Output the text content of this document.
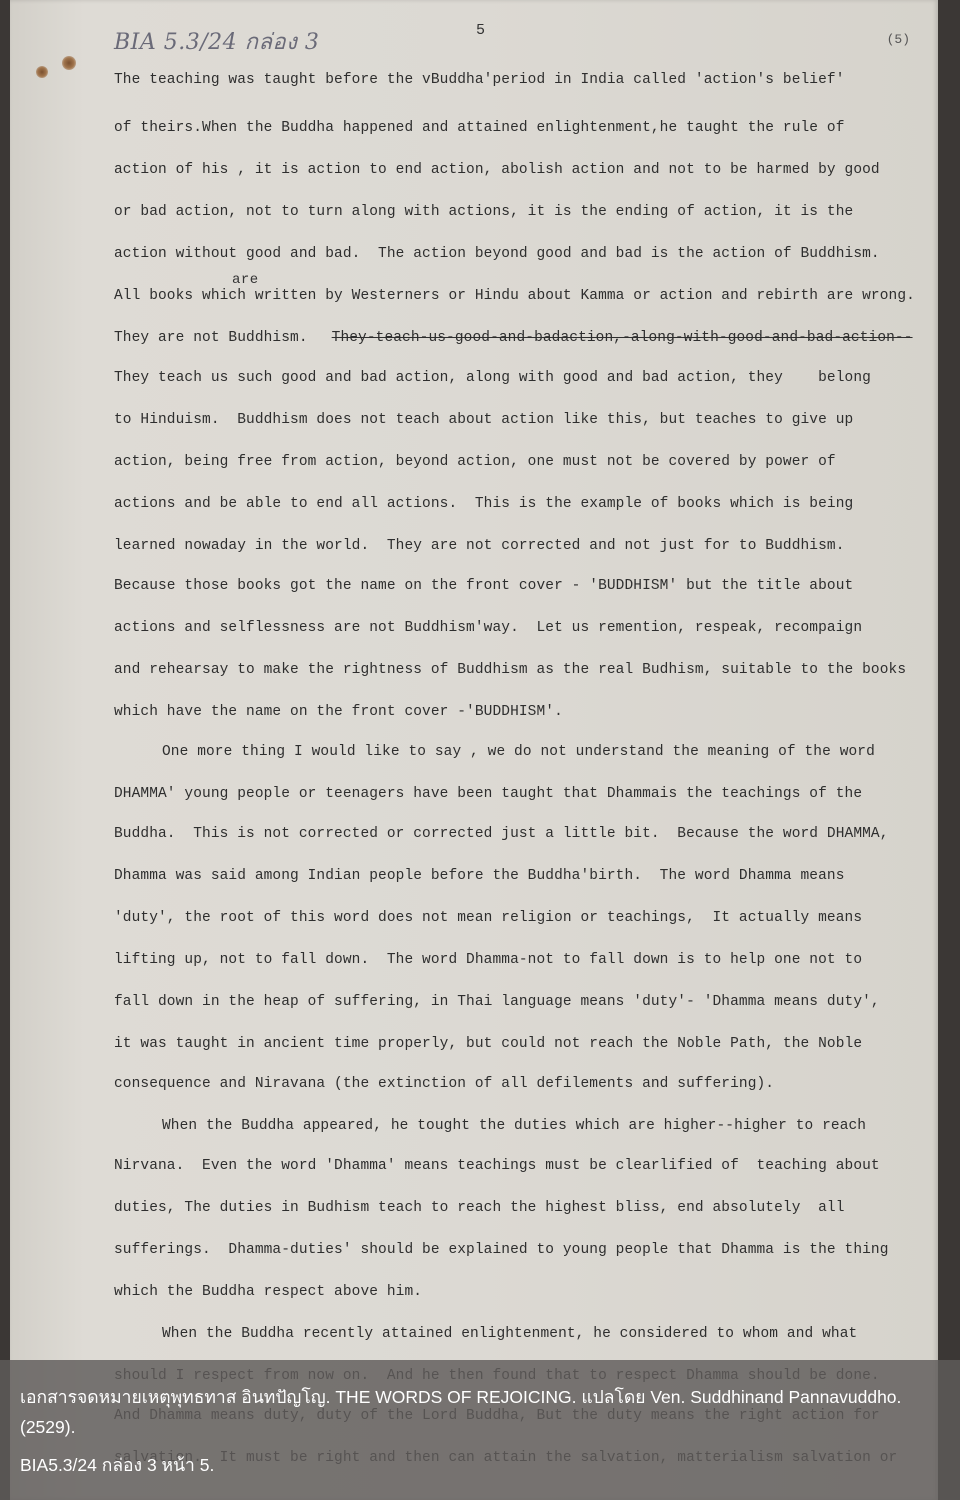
BIA 5.3/24 กล่อง 3	5
(5)
are
The teaching was taught before the vBuddha'period in India called 'action's belief'
of theirs.When the Buddha happened and attained enlightenment,he taught the rule of
action of his , it is action to end action, abolish action and not to be harmed by good
or bad action, not to turn along with actions, it is the ending of action, it is the
action without good and bad.  The action beyond good and bad is the action of Buddhism.
All books which written by Westerners or Hindu about Kamma or action and rebirth are wrong.
They are not Buddhism. They-teach-us-good-and-badaction,-along-with-good-and-bad-action--
They teach us such good and bad action, along with good and bad action, they    belong
to Hinduism.  Buddhism does not teach about action like this, but teaches to give up
action, being free from action, beyond action, one must not be covered by power of
actions and be able to end all actions.  This is the example of books which is being
learned nowaday in the world.  They are not corrected and not just for to Buddhism.
Because those books got the name on the front cover - 'BUDDHISM' but the title about
actions and selflessness are not Buddhism'way.  Let us remention, respeak, recompaign
and rehearsay to make the rightness of Buddhism as the real Budhism, suitable to the books
which have the name on the front cover -'BUDDHISM'.
One more thing I would like to say , we do not understand the meaning of the word
DHAMMA' young people or teenagers have been taught that Dhammais the teachings of the
Buddha.  This is not corrected or corrected just a little bit.  Because the word DHAMMA,
Dhamma was said among Indian people before the Buddha'birth.  The word Dhamma means
'duty', the root of this word does not mean religion or teachings,  It actually means
lifting up, not to fall down.  The word Dhamma-not to fall down is to help one not to
fall down in the heap of suffering, in Thai language means 'duty'- 'Dhamma means duty',
it was taught in ancient time properly, but could not reach the Noble Path, the Noble
consequence and Niravana (the extinction of all defilements and suffering).
When the Buddha appeared, he tought the duties which are higher--higher to reach
Nirvana.  Even the word 'Dhamma' means teachings must be clearlified of  teaching about
duties, The duties in Budhism teach to reach the highest bliss, end absolutely  all
sufferings.  Dhamma-duties' should be explained to young people that Dhamma is the thing
which the Buddha respect above him.
When the Buddha recently attained enlightenment, he considered to whom and what
เอกสารจดหมายเหตุพุทธทาส อินทปัญโญ. THE WORDS OF REJOICING. แปลโดย Ven. Suddhinand Pannavuddho. (2529).
BIA5.3/24 กล่อง 3 หน้า 5.
